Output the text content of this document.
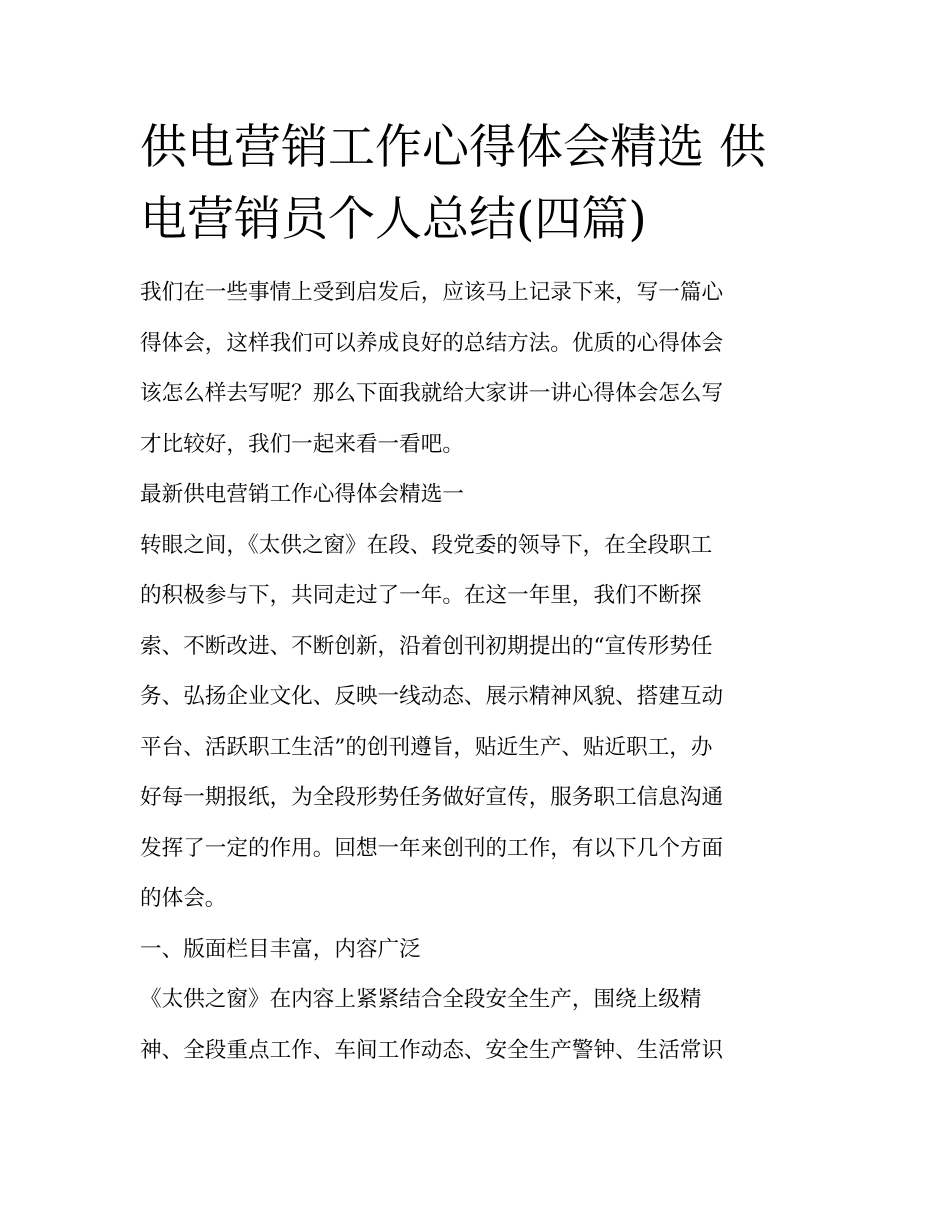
供电营销工作心得体会精选 供
电营销员个人总结(四篇)
我们在一些事情上受到启发后，应该马上记录下来，写一篇心
得体会，这样我们可以养成良好的总结方法。优质的心得体会
该怎么样去写呢？那么下面我就给大家讲一讲心得体会怎么写
才比较好，我们一起来看一看吧。
最新供电营销工作心得体会精选一
转眼之间，《太供之窗》在段、段党委的领导下，在全段职工
的积极参与下，共同走过了一年。在这一年里，我们不断探
索、不断改进、不断创新，沿着创刊初期提出的“宣传形势任
务、弘扬企业文化、反映一线动态、展示精神风貌、搭建互动
平台、活跃职工生活”的创刊遵旨，贴近生产、贴近职工，办
好每一期报纸，为全段形势任务做好宣传，服务职工信息沟通
发挥了一定的作用。回想一年来创刊的工作，有以下几个方面
的体会。
一、版面栏目丰富，内容广泛
《太供之窗》在内容上紧紧结合全段安全生产，围绕上级精
神、全段重点工作、车间工作动态、安全生产警钟、生活常识
